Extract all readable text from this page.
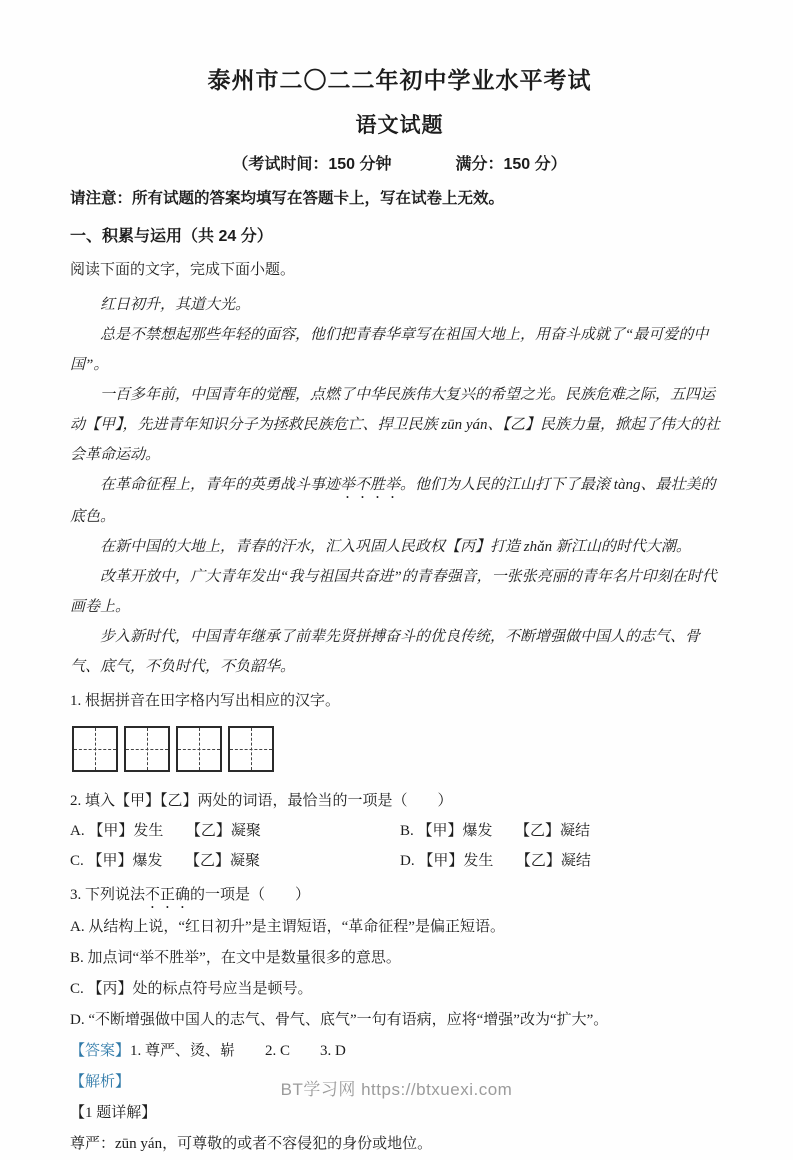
泰州市二〇二二年初中学业水平考试
语文试题
（考试时间：150 分钟　　　　满分：150 分）
请注意：所有试题的答案均填写在答题卡上，写在试卷上无效。
一、积累与运用（共 24 分）
阅读下面的文字，完成下面小题。

红日初升，其道大光。

总是不禁想起那些年轻的面容，他们把青春华章写在祖国大地上，用奋斗成就了“最可爱的中国”。

一百多年前，中国青年的觉醒，点燃了中华民族伟大复兴的希望之光。民族危难之际，五四运动【甲】，先进青年知识分子为拯救民族危亡、捍卫民族 zūn yán、【乙】民族力量，掀起了伟大的社会革命运动。

在革命征程上，青年的英勇战斗事迹举不胜举。他们为人民的江山打下了最滚 tàng、最壮美的底色。

在新中国的大地上，青春的汗水，汇入巩固人民政权【丙】打造 zhǎn 新江山的时代大潮。

改革开放中，广大青年发出“我与祖国共奋进”的青春强音，一张张亮丽的青年名片印刻在时代画卷上。

步入新时代，中国青年继承了前辈先贤拼搏奋斗的优良传统，不断增强做中国人的志气、骨气、底气，不负时代，不负韶华。

1. 根据拼音在田字格内写出相应的汉字。

2. 填入【甲】【乙】两处的词语，最恰当的一项是（　　）

A. 【甲】发生　　【乙】凝聚	B. 【甲】爆发　　【乙】凝结
C. 【甲】爆发　　【乙】凝聚	D. 【甲】发生　　【乙】凝结

3. 下列说法不正确的一项是（　　）

A. 从结构上说，“红日初升”是主谓短语，“革命征程”是偏正短语。

B. 加点词“举不胜举”，在文中是数量很多的意思。

C. 【丙】处的标点符号应当是顿号。

D. “不断增强做中国人的志气、骨气、底气”一句有语病，应将“增强”改为“扩大”。

【答案】1. 尊严、烫、崭　　2. C　　3. D

【解析】

【1 题详解】

尊严：zūn yán，可尊敬的或者不容侵犯的身份或地位。

BT学习网 https://btxuexi.com
